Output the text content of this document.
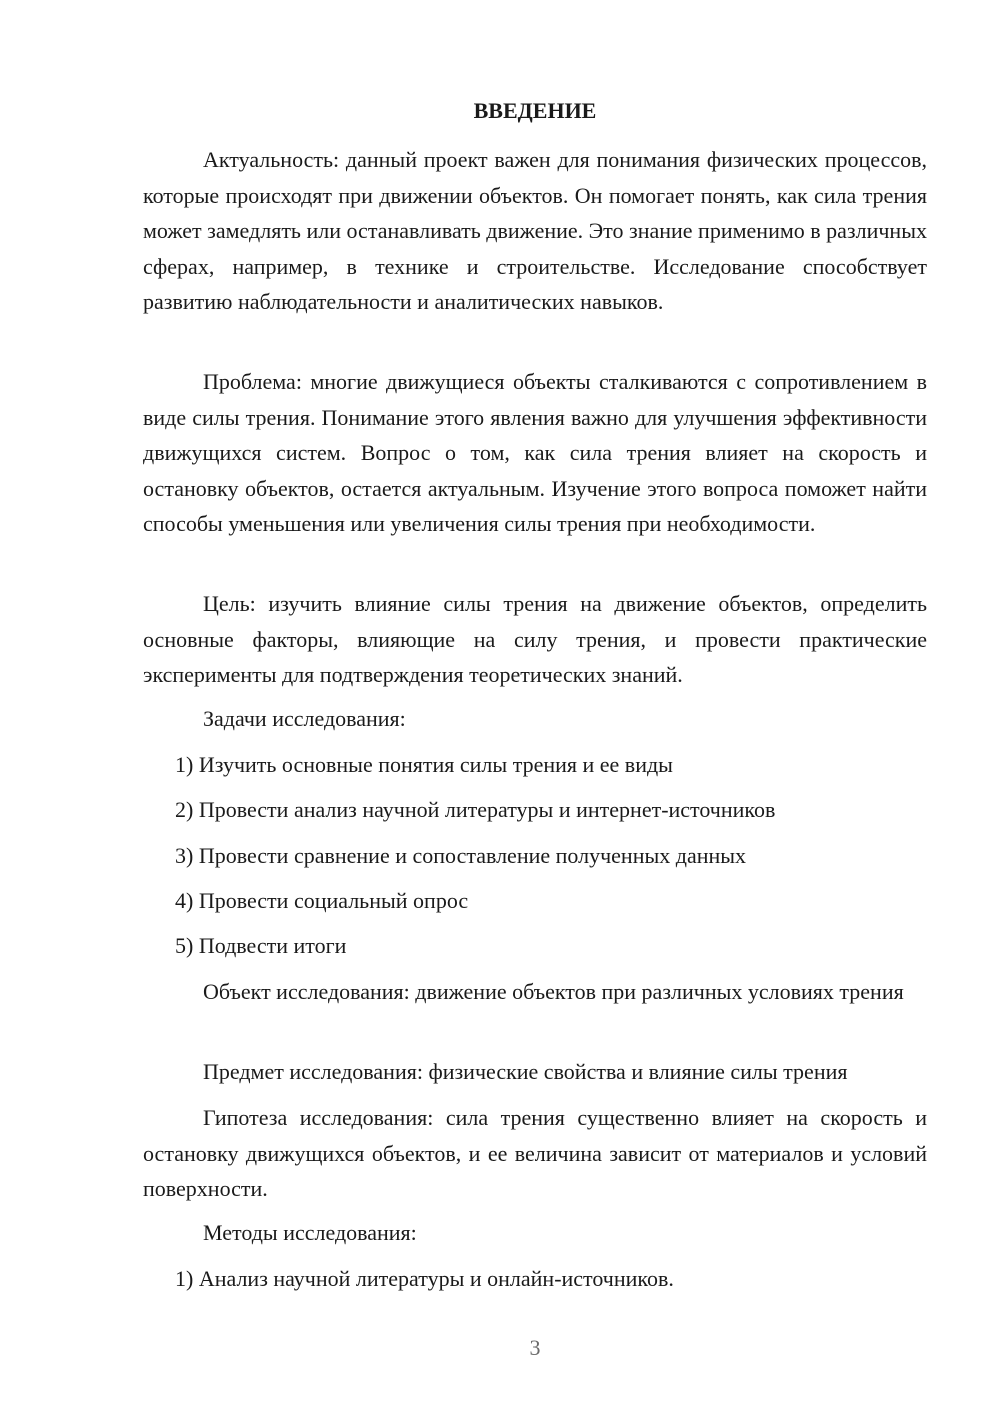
ВВЕДЕНИЕ

Актуальность: данный проект важен для понимания физических процессов, которые происходят при движении объектов. Он помогает понять, как сила трения может замедлять или останавливать движение. Это знание применимо в различных сферах, например, в технике и строительстве. Исследование способствует развитию наблюдательности и аналитических навыков.

Проблема: многие движущиеся объекты сталкиваются с сопротивлением в виде силы трения. Понимание этого явления важно для улучшения эффективности движущихся систем. Вопрос о том, как сила трения влияет на скорость и остановку объектов, остается актуальным. Изучение этого вопроса поможет найти способы уменьшения или увеличения силы трения при необходимости.

Цель: изучить влияние силы трения на движение объектов, определить основные факторы, влияющие на силу трения, и провести практические эксперименты для подтверждения теоретических знаний.

Задачи исследования:
1) Изучить основные понятия силы трения и ее виды
2) Провести анализ научной литературы и интернет-источников
3) Провести сравнение и сопоставление полученных данных
4) Провести социальный опрос
5) Подвести итоги

Объект исследования: движение объектов при различных условиях трения

Предмет исследования: физические свойства и влияние силы трения

Гипотеза исследования: сила трения существенно влияет на скорость и остановку движущихся объектов, и ее величина зависит от материалов и условий поверхности.

Методы исследования:
1) Анализ научной литературы и онлайн-источников.
3
